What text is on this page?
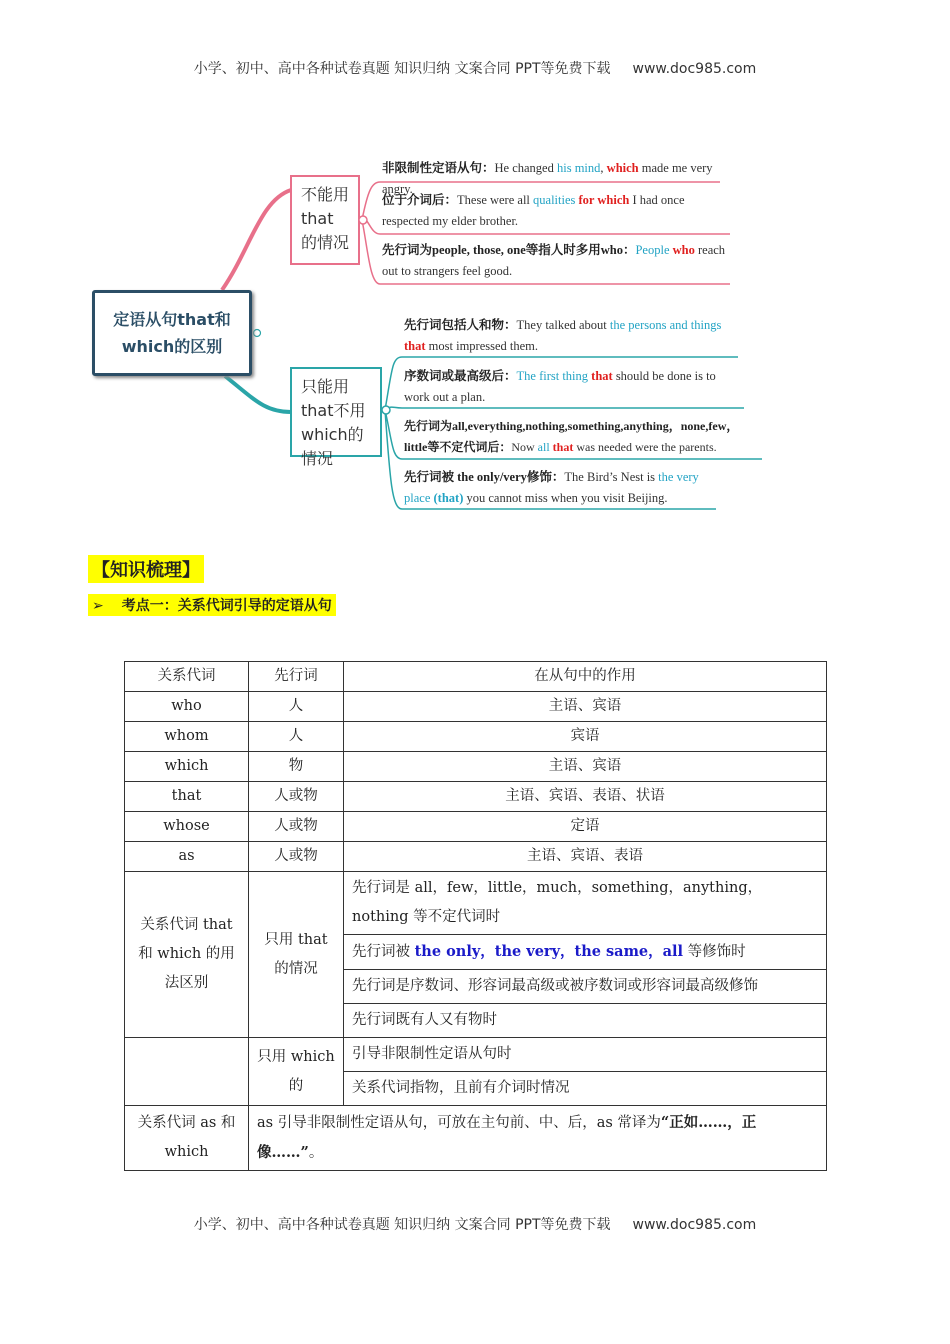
小学、初中、高中各种试卷真题 知识归纳 文案合同 PPT等免费下载 www.doc985.com
定语从句that和which的区别
不能用that的情况
非限制性定语从句：He changed his mind, which made me very angry.
位于介词后：These were all qualities for which I had once respected my elder brother.
先行词为people, those, one等指人时多用who：People who reach out to strangers feel good.
只能用that不用which的情况
先行词包括人和物：They talked about the persons and things that most impressed them.
序数词或最高级后：The first thing that should be done is to work out a plan.
先行词为all,everything,nothing,something,anything，none,few，little等不定代词后：Now all that was needed were the parents.
先行词被 the only/very修饰：The Bird’s Nest is the very place (that) you cannot miss when you visit Beijing.
【知识梳理】
➢ 考点一：关系代词引导的定语从句
关系代词	先行词	在从句中的作用
who	人	主语、宾语
whom	人	宾语
which	物	主语、宾语
that	人或物	主语、宾语、表语、状语
whose	人或物	定语
as	人或物	主语、宾语、表语
关系代词 that 和 which 的用法区别	只用 that 的情况	先行词是 all，few，little，much，something，anything，nothing 等不定代词时
		先行词被 the only，the very，the same，all 等修饰时
		先行词是序数词、形容词最高级或被序数词或形容词最高级修饰
		先行词既有人又有物时
	只用 which 的	引导非限制性定语从句时
		关系代词指物，且前有介词时情况
关系代词 as 和 which	as 引导非限制性定语从句，可放在主句前、中、后，as 常译为“正如……，正像……”。	
小学、初中、高中各种试卷真题 知识归纳 文案合同 PPT等免费下载 www.doc985.com
